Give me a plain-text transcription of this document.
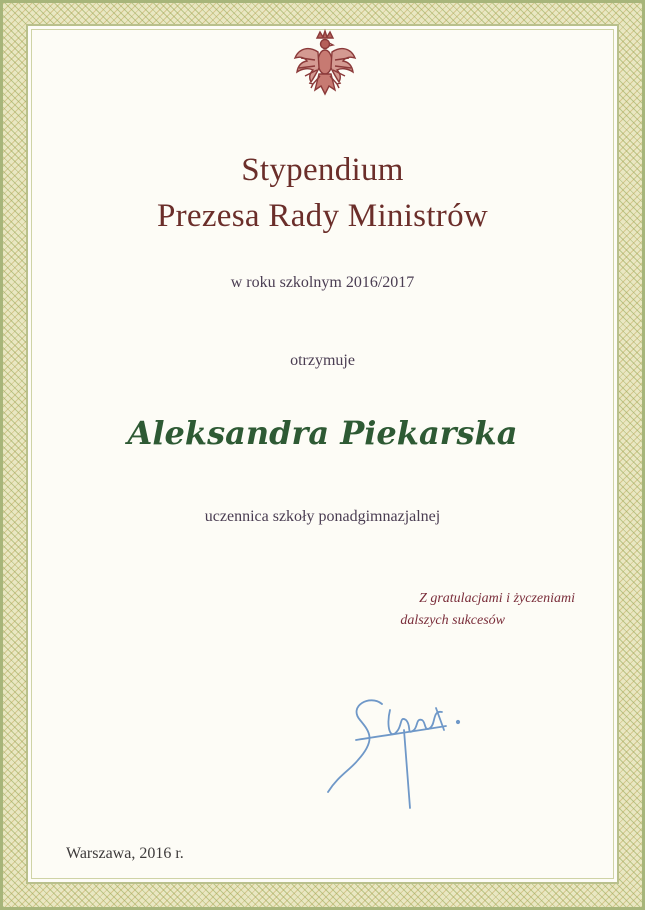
Stypendium
Prezesa Rady Ministrów
w roku szkolnym 2016/2017
otrzymuje
Aleksandra Piekarska
uczennica szkoły ponadgimnazjalnej
Z gratulacjami i życzeniami
dalszych sukcesów
Warszawa, 2016 r.
